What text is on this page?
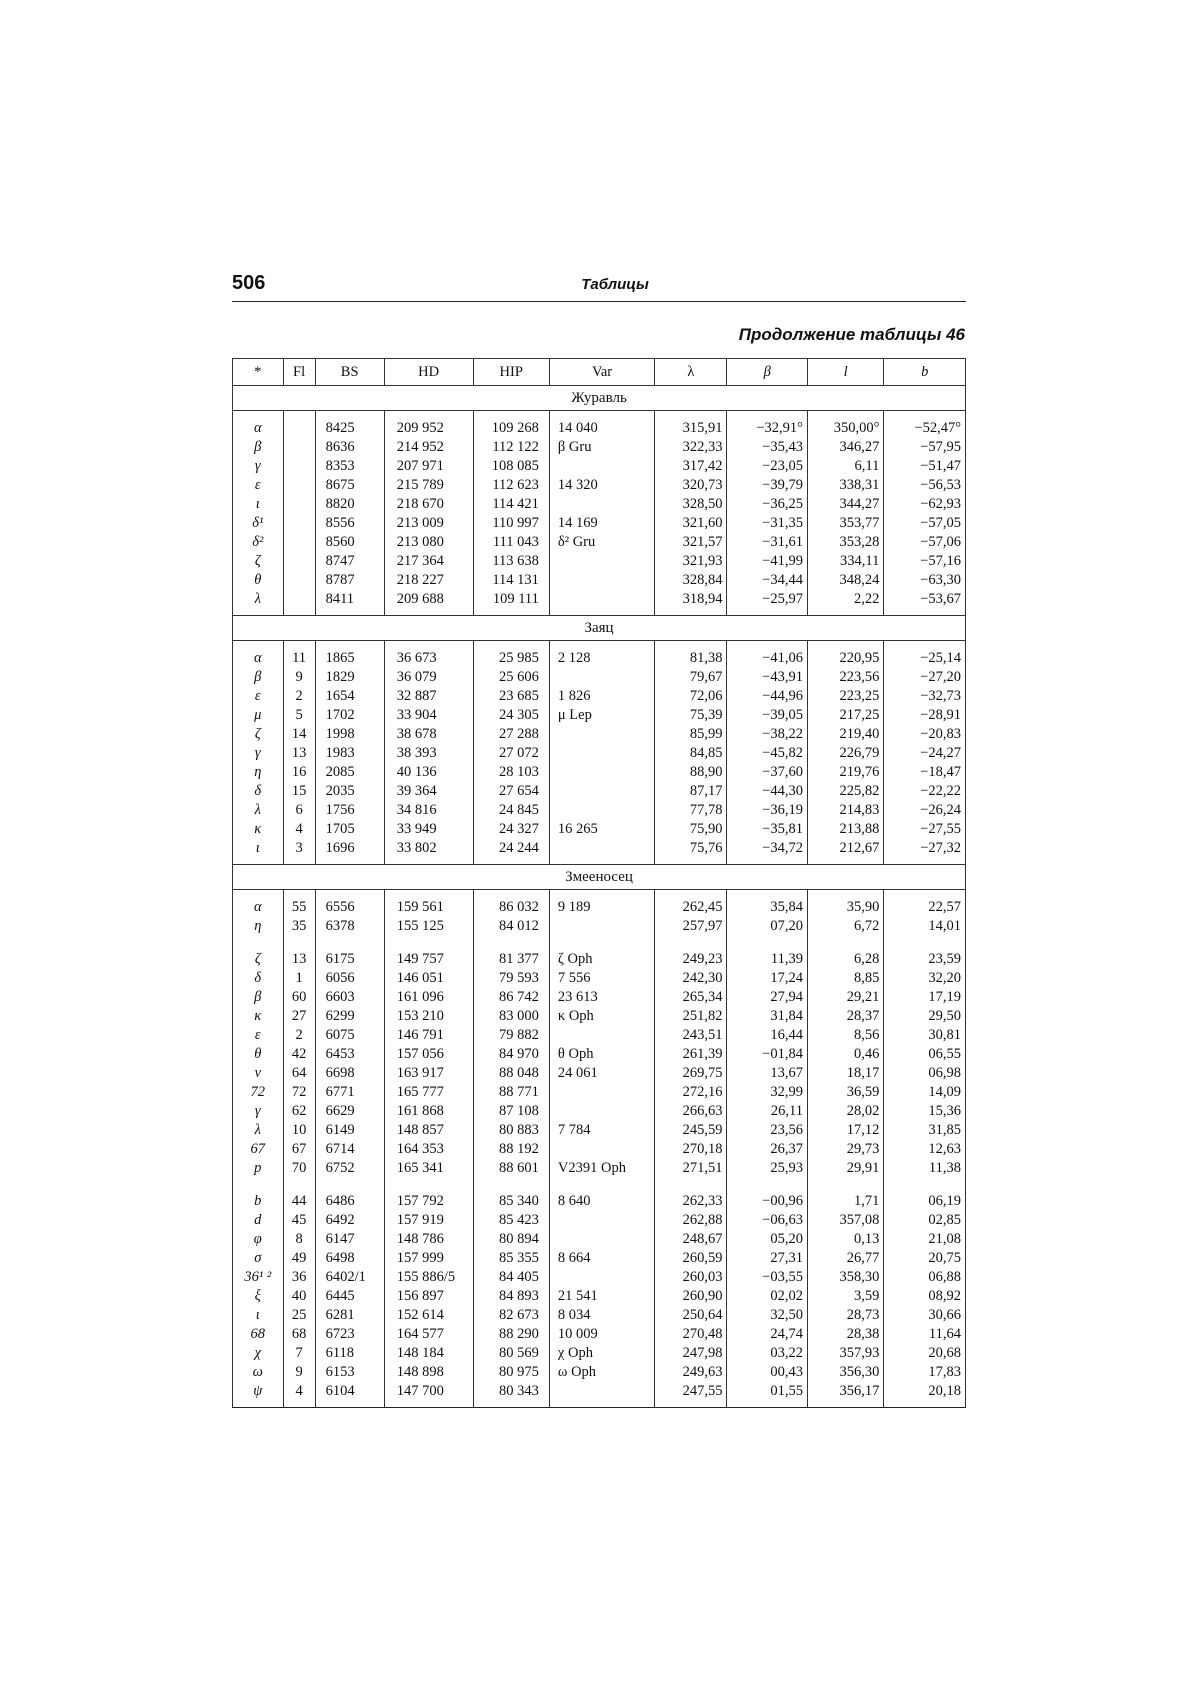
506	Таблицы
Продолжение таблицы 46
*	Fl	BS	HD	HIP	Var	λ	β	l	b
Журавль									
α		8425	209 952	109 268	14 040	315,91	−32,91°	350,00°	−52,47°
β		8636	214 952	112 122	β Gru	322,33	−35,43	346,27	−57,95
γ		8353	207 971	108 085		317,42	−23,05	6,11	−51,47
ε		8675	215 789	112 623	14 320	320,73	−39,79	338,31	−56,53
ι		8820	218 670	114 421		328,50	−36,25	344,27	−62,93
δ¹		8556	213 009	110 997	14 169	321,60	−31,35	353,77	−57,05
δ²		8560	213 080	111 043	δ² Gru	321,57	−31,61	353,28	−57,06
ζ		8747	217 364	113 638		321,93	−41,99	334,11	−57,16
θ		8787	218 227	114 131		328,84	−34,44	348,24	−63,30
λ		8411	209 688	109 111		318,94	−25,97	2,22	−53,67
Заяц									
α	11	1865	36 673	25 985	2 128	81,38	−41,06	220,95	−25,14
β	9	1829	36 079	25 606		79,67	−43,91	223,56	−27,20
ε	2	1654	32 887	23 685	1 826	72,06	−44,96	223,25	−32,73
μ	5	1702	33 904	24 305	μ Lep	75,39	−39,05	217,25	−28,91
ζ	14	1998	38 678	27 288		85,99	−38,22	219,40	−20,83
γ	13	1983	38 393	27 072		84,85	−45,82	226,79	−24,27
η	16	2085	40 136	28 103		88,90	−37,60	219,76	−18,47
δ	15	2035	39 364	27 654		87,17	−44,30	225,82	−22,22
λ	6	1756	34 816	24 845		77,78	−36,19	214,83	−26,24
κ	4	1705	33 949	24 327	16 265	75,90	−35,81	213,88	−27,55
ι	3	1696	33 802	24 244		75,76	−34,72	212,67	−27,32
Змееносец									
α	55	6556	159 561	86 032	9 189	262,45	35,84	35,90	22,57
η	35	6378	155 125	84 012		257,97	07,20	6,72	14,01
ζ	13	6175	149 757	81 377	ζ Oph	249,23	11,39	6,28	23,59
δ	1	6056	146 051	79 593	7 556	242,30	17,24	8,85	32,20
β	60	6603	161 096	86 742	23 613	265,34	27,94	29,21	17,19
κ	27	6299	153 210	83 000	κ Oph	251,82	31,84	28,37	29,50
ε	2	6075	146 791	79 882		243,51	16,44	8,56	30,81
θ	42	6453	157 056	84 970	θ Oph	261,39	−01,84	0,46	06,55
ν	64	6698	163 917	88 048	24 061	269,75	13,67	18,17	06,98
72	72	6771	165 777	88 771		272,16	32,99	36,59	14,09
γ	62	6629	161 868	87 108		266,63	26,11	28,02	15,36
λ	10	6149	148 857	80 883	7 784	245,59	23,56	17,12	31,85
67	67	6714	164 353	88 192		270,18	26,37	29,73	12,63
p	70	6752	165 341	88 601	V2391 Oph	271,51	25,93	29,91	11,38
b	44	6486	157 792	85 340	8 640	262,33	−00,96	1,71	06,19
d	45	6492	157 919	85 423		262,88	−06,63	357,08	02,85
φ	8	6147	148 786	80 894		248,67	05,20	0,13	21,08
σ	49	6498	157 999	85 355	8 664	260,59	27,31	26,77	20,75
36¹ ²	36	6402/1	155 886/5	84 405		260,03	−03,55	358,30	06,88
ξ	40	6445	156 897	84 893	21 541	260,90	02,02	3,59	08,92
ι	25	6281	152 614	82 673	8 034	250,64	32,50	28,73	30,66
68	68	6723	164 577	88 290	10 009	270,48	24,74	28,38	11,64
χ	7	6118	148 184	80 569	χ Oph	247,98	03,22	357,93	20,68
ω	9	6153	148 898	80 975	ω Oph	249,63	00,43	356,30	17,83
ψ	4	6104	147 700	80 343		247,55	01,55	356,17	20,18
